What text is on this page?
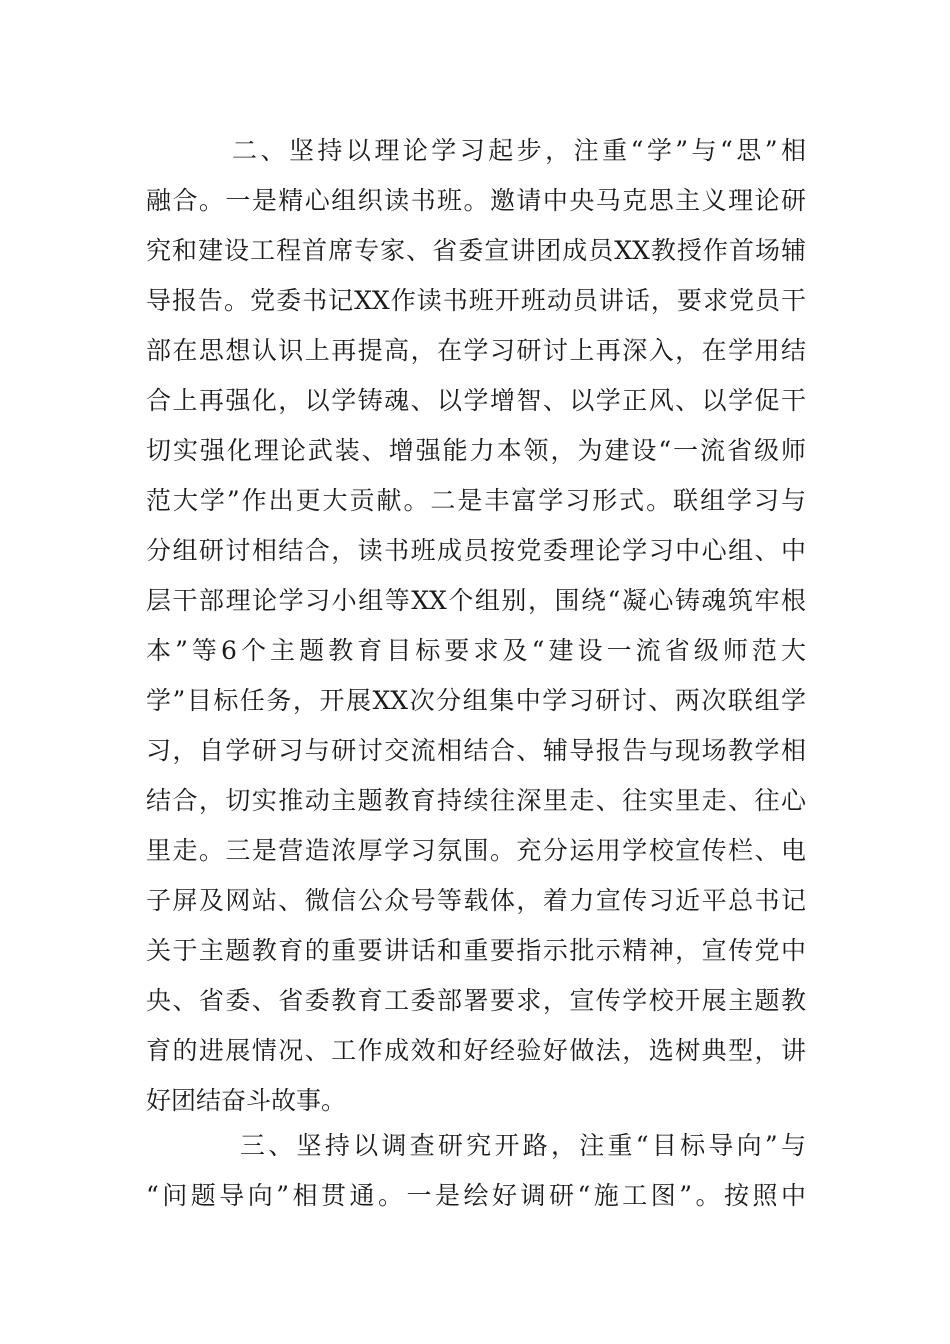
二、坚持以理论学习起步，注重“学”与“思”相
融合。一是精心组织读书班。邀请中央马克思主义理论研
究和建设工程首席专家、省委宣讲团成员XX教授作首场辅
导报告。党委书记XX作读书班开班动员讲话，要求党员干
部在思想认识上再提高，在学习研讨上再深入，在学用结
合上再强化，以学铸魂、以学增智、以学正风、以学促干
切实强化理论武装、增强能力本领，为建设“一流省级师
范大学”作出更大贡献。二是丰富学习形式。联组学习与
分组研讨相结合，读书班成员按党委理论学习中心组、中
层干部理论学习小组等XX个组别，围绕“凝心铸魂筑牢根
本”等6个主题教育目标要求及“建设一流省级师范大
学”目标任务，开展XX次分组集中学习研讨、两次联组学
习，自学研习与研讨交流相结合、辅导报告与现场教学相
结合，切实推动主题教育持续往深里走、往实里走、往心
里走。三是营造浓厚学习氛围。充分运用学校宣传栏、电
子屏及网站、微信公众号等载体，着力宣传习近平总书记
关于主题教育的重要讲话和重要指示批示精神，宣传党中
央、省委、省委教育工委部署要求，宣传学校开展主题教
育的进展情况、工作成效和好经验好做法，选树典型，讲
好团结奋斗故事。
三、坚持以调查研究开路，注重“目标导向”与
“问题导向”相贯通。一是绘好调研“施工图”。按照中
